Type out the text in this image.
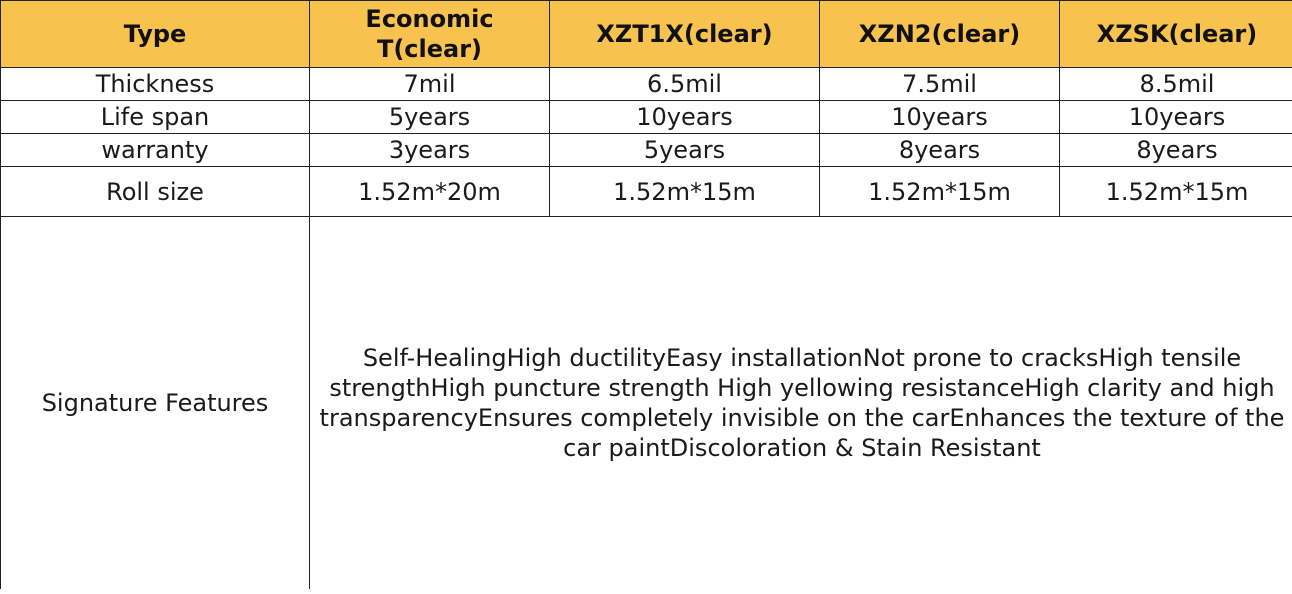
Type	Economic T(clear)	XZT1X(clear)	XZN2(clear)	XZSK(clear)
Thickness	7mil	6.5mil	7.5mil	8.5mil
Life span	5years	10years	10years	10years
warranty	3years	5years	8years	8years
Roll size	1.52m*20m	1.52m*15m	1.52m*15m	1.52m*15m
Signature Features	Self-HealingHigh ductilityEasy installationNot prone to cracksHigh tensile strengthHigh puncture strength High yellowing resistanceHigh clarity and high transparencyEnsures completely invisible on the carEnhances the texture of the car paintDiscoloration & Stain Resistant			
